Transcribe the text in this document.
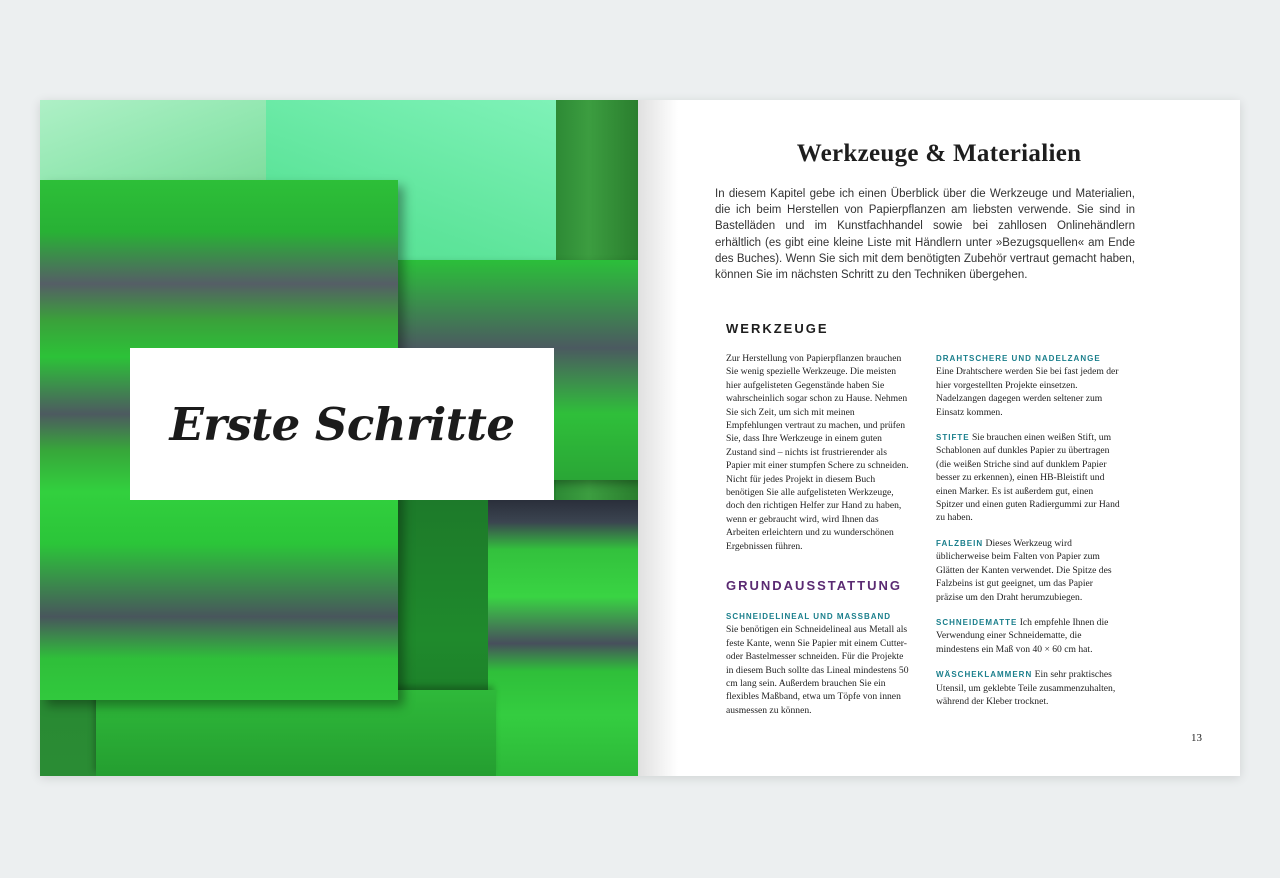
Erste Schritte
Werkzeuge & Materialien
In diesem Kapitel gebe ich einen Überblick über die Werkzeuge und Materialien, die ich beim Herstellen von Papierpflanzen am liebsten verwende. Sie sind in Bastelläden und im Kunstfachhandel sowie bei zahllosen Onlinehändlern erhältlich (es gibt eine kleine Liste mit Händlern unter »Bezugsquellen« am Ende des Buches). Wenn Sie sich mit dem benötigten Zubehör vertraut gemacht haben, können Sie im nächsten Schritt zu den Techniken übergehen.
WERKZEUGE

Zur Herstellung von Papierpflanzen brauchen Sie wenig spezielle Werkzeuge. Die meisten hier aufgelisteten Gegenstände haben Sie wahrscheinlich sogar schon zu Hause. Nehmen Sie sich Zeit, um sich mit meinen Empfehlungen vertraut zu machen, und prüfen Sie, dass Ihre Werkzeuge in einem guten Zustand sind – nichts ist frustrierender als Papier mit einer stumpfen Schere zu schneiden. Nicht für jedes Projekt in diesem Buch benötigen Sie alle aufgelisteten Werkzeuge, doch den richtigen Helfer zur Hand zu haben, wenn er gebraucht wird, wird Ihnen das Arbeiten erleichtern und zu wunderschönen Ergebnissen führen.

GRUNDAUSSTATTUNG
SCHNEIDELINEAL UND MASSBAND
Sie benötigen ein Schneidelineal aus Metall als feste Kante, wenn Sie Papier mit einem Cutter- oder Bastelmesser schneiden. Für die Projekte in diesem Buch sollte das Lineal mindestens 50 cm lang sein. Außerdem brauchen Sie ein flexibles Maßband, etwa um Töpfe von innen ausmessen zu können.

DRAHTSCHERE UND NADELZANGE
Eine Drahtschere werden Sie bei fast jedem der hier vorgestellten Projekte einsetzen. Nadelzangen dagegen werden seltener zum Einsatz kommen.

STIFTE Sie brauchen einen weißen Stift, um Schablonen auf dunkles Papier zu übertragen (die weißen Striche sind auf dunklem Papier besser zu erkennen), einen HB-Bleistift und einen Marker. Es ist außerdem gut, einen Spitzer und einen guten Radiergummi zur Hand zu haben.

FALZBEIN Dieses Werkzeug wird üblicherweise beim Falten von Papier zum Glätten der Kanten verwendet. Die Spitze des Falzbeins ist gut geeignet, um das Papier präzise um den Draht herumzubiegen.

SCHNEIDEMATTE Ich empfehle Ihnen die Verwendung einer Schneidematte, die mindestens ein Maß von 40 × 60 cm hat.

WÄSCHEKLAMMERN Ein sehr praktisches Utensil, um geklebte Teile zusammenzuhalten, während der Kleber trocknet.

13
